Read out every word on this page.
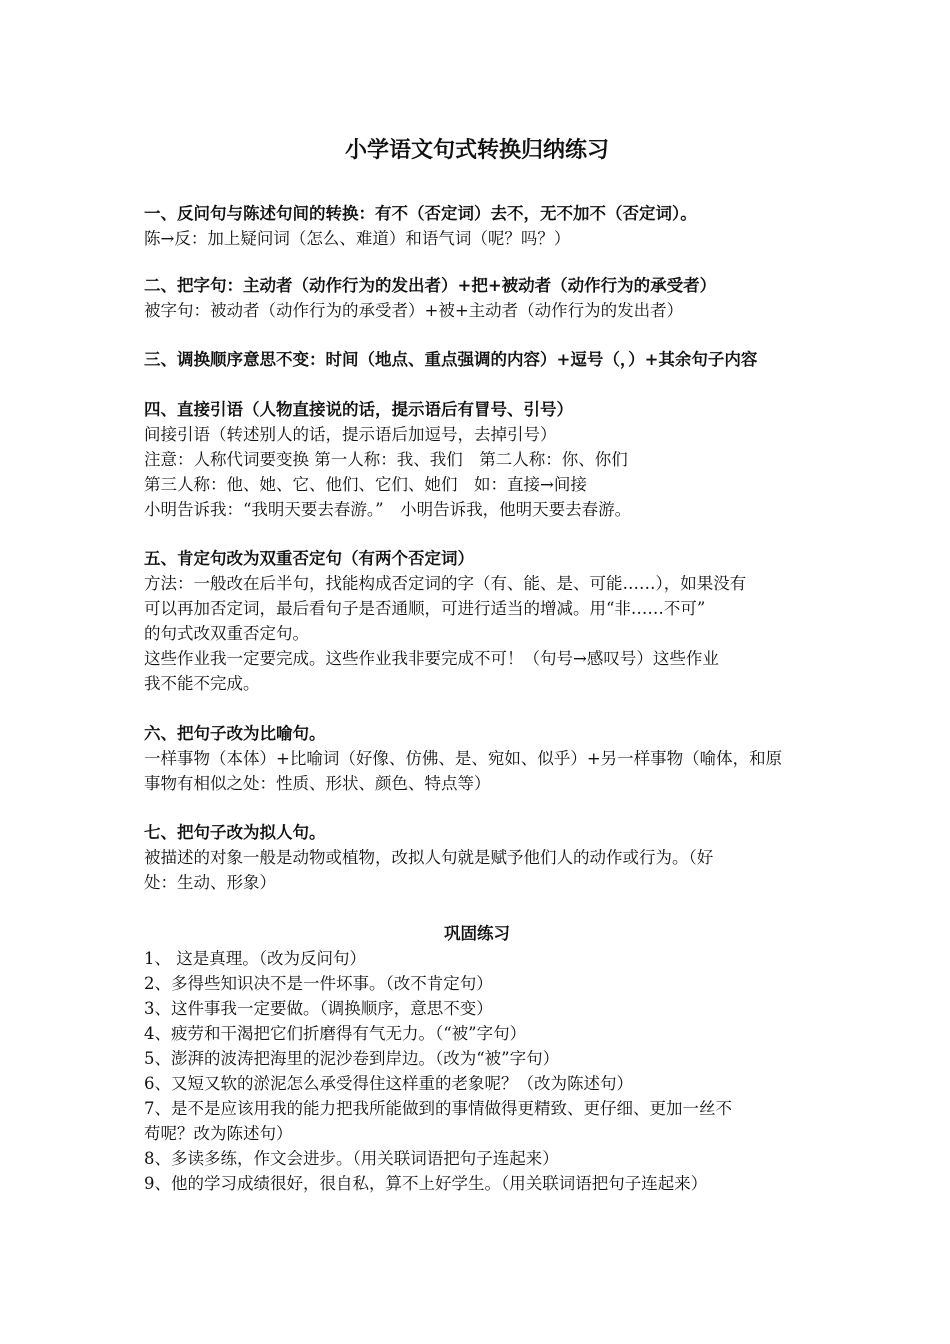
小学语文句式转换归纳练习
一、反问句与陈述句间的转换：有不（否定词）去不，无不加不（否定词）。
陈→反：加上疑问词（怎么、难道）和语气词（呢？吗？）
二、把字句：主动者（动作行为的发出者）+把+被动者（动作行为的承受者）
被字句：被动者（动作行为的承受者）+被+主动者（动作行为的发出者）
三、调换顺序意思不变：时间（地点、重点强调的内容）+逗号（，）+其余句子内容
四、直接引语（人物直接说的话，提示语后有冒号、引号）
间接引语（转述别人的话，提示语后加逗号，去掉引号）
注意：人称代词要变换 第一人称：我、我们　第二人称：你、你们
第三人称：他、她、它、他们、它们、她们　如：直接→间接
小明告诉我：“我明天要去春游。”　小明告诉我，他明天要去春游。
五、肯定句改为双重否定句（有两个否定词）
方法：一般改在后半句，找能构成否定词的字（有、能、是、可能……），如果没有
可以再加否定词，最后看句子是否通顺，可进行适当的增减。用“非……不可”
的句式改双重否定句。
这些作业我一定要完成。这些作业我非要完成不可！（句号→感叹号）这些作业
我不能不完成。
六、把句子改为比喻句。
一样事物（本体）+比喻词（好像、仿佛、是、宛如、似乎）+另一样事物（喻体，和原
事物有相似之处：性质、形状、颜色、特点等）
七、把句子改为拟人句。
被描述的对象一般是动物或植物，改拟人句就是赋予他们人的动作或行为。（好
处：生动、形象）
巩固练习
1、 这是真理。（改为反问句）
2、多得些知识决不是一件坏事。（改不肯定句）
3、这件事我一定要做。（调换顺序，意思不变）
4、疲劳和干渴把它们折磨得有气无力。（“被”字句）
5、澎湃的波涛把海里的泥沙卷到岸边。（改为“被”字句）
6、又短又软的淤泥怎么承受得住这样重的老象呢？（改为陈述句）
7、是不是应该用我的能力把我所能做到的事情做得更精致、更仔细、更加一丝不
苟呢？改为陈述句）
8、多读多练，作文会进步。（用关联词语把句子连起来）
9、他的学习成绩很好，很自私，算不上好学生。（用关联词语把句子连起来）
